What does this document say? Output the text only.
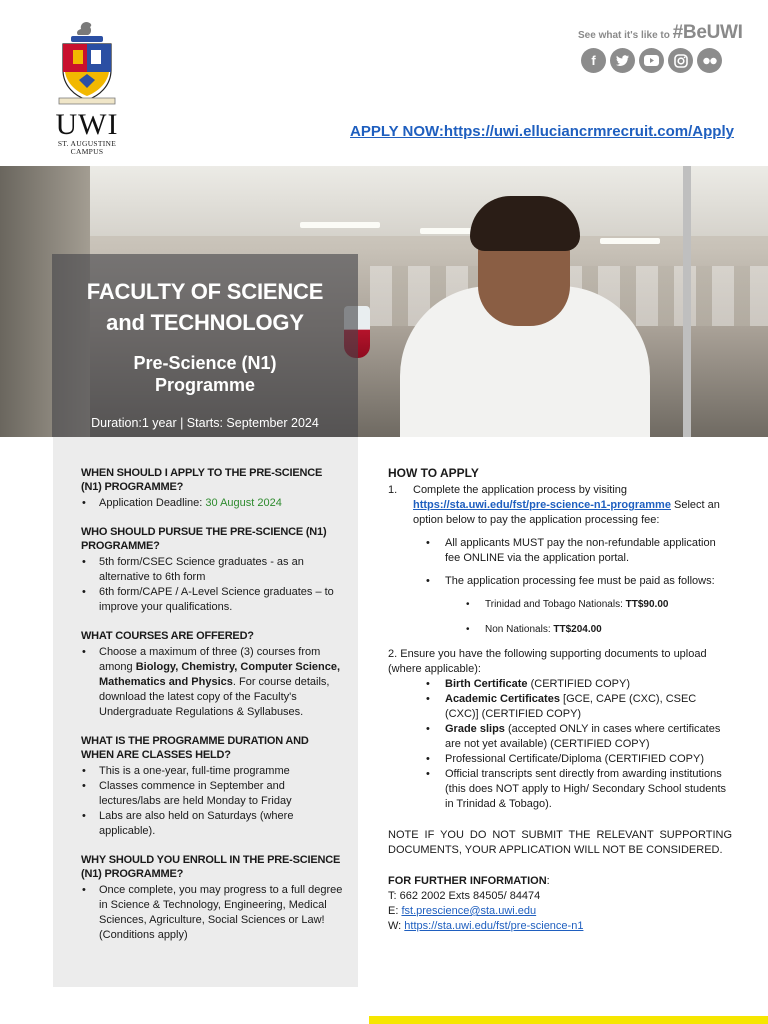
UWI
ST. AUGUSTINE
CAMPUS
See what it's like to #BeUWI
f
APPLY NOW:https://uwi.elluciancrmrecruit.com/Apply
FACULTY OF SCIENCE
and TECHNOLOGY
Pre-Science (N1)
Programme
Duration:1 year | Starts: September 2024
WHEN SHOULD I APPLY TO THE PRE-SCIENCE (N1) PROGRAMME?
• Application Deadline: 30 August 2024
WHO SHOULD PURSUE THE PRE-SCIENCE (N1) PROGRAMME?
• 5th form/CSEC Science graduates - as an alternative to 6th form
• 6th form/CAPE / A-Level Science graduates – to improve your qualifications.
WHAT COURSES ARE OFFERED?
• Choose a maximum of three (3) courses from among Biology, Chemistry, Computer Science, Mathematics and Physics. For course details, download the latest copy of the Faculty's Undergraduate Regulations & Syllabuses.
WHAT IS THE PROGRAMME DURATION AND WHEN ARE CLASSES HELD?
• This is a one-year, full-time programme
• Classes commence in September and lectures/labs are held Monday to Friday
• Labs are also held on Saturdays (where applicable).
WHY SHOULD YOU ENROLL IN THE PRE-SCIENCE (N1) PROGRAMME?
• Once complete, you may progress to a full degree in Science & Technology, Engineering, Medical Sciences, Agriculture, Social Sciences or Law! (Conditions apply)
HOW TO APPLY
1. Complete the application process by visiting https://sta.uwi.edu/fst/pre-science-n1-programme Select an option below to pay the application processing fee:
• All applicants MUST pay the non-refundable application fee ONLINE via the application portal.
• The application processing fee must be paid as follows:
• Trinidad and Tobago Nationals: TT$90.00
• Non Nationals: TT$204.00
2. Ensure you have the following supporting documents to upload (where applicable):
• Birth Certificate (CERTIFIED COPY)
• Academic Certificates [GCE, CAPE (CXC), CSEC (CXC)] (CERTIFIED COPY)
• Grade slips (accepted ONLY in cases where certificates are not yet available) (CERTIFIED COPY)
• Professional Certificate/Diploma (CERTIFIED COPY)
• Official transcripts sent directly from awarding institutions (this does NOT apply to High/ Secondary School students in Trinidad & Tobago).
NOTE IF YOU DO NOT SUBMIT THE RELEVANT SUPPORTING DOCUMENTS, YOUR APPLICATION WILL NOT BE CONSIDERED.
FOR FURTHER INFORMATION:
T: 662 2002 Exts 84505/ 84474
E: fst.prescience@sta.uwi.edu
W: https://sta.uwi.edu/fst/pre-science-n1
